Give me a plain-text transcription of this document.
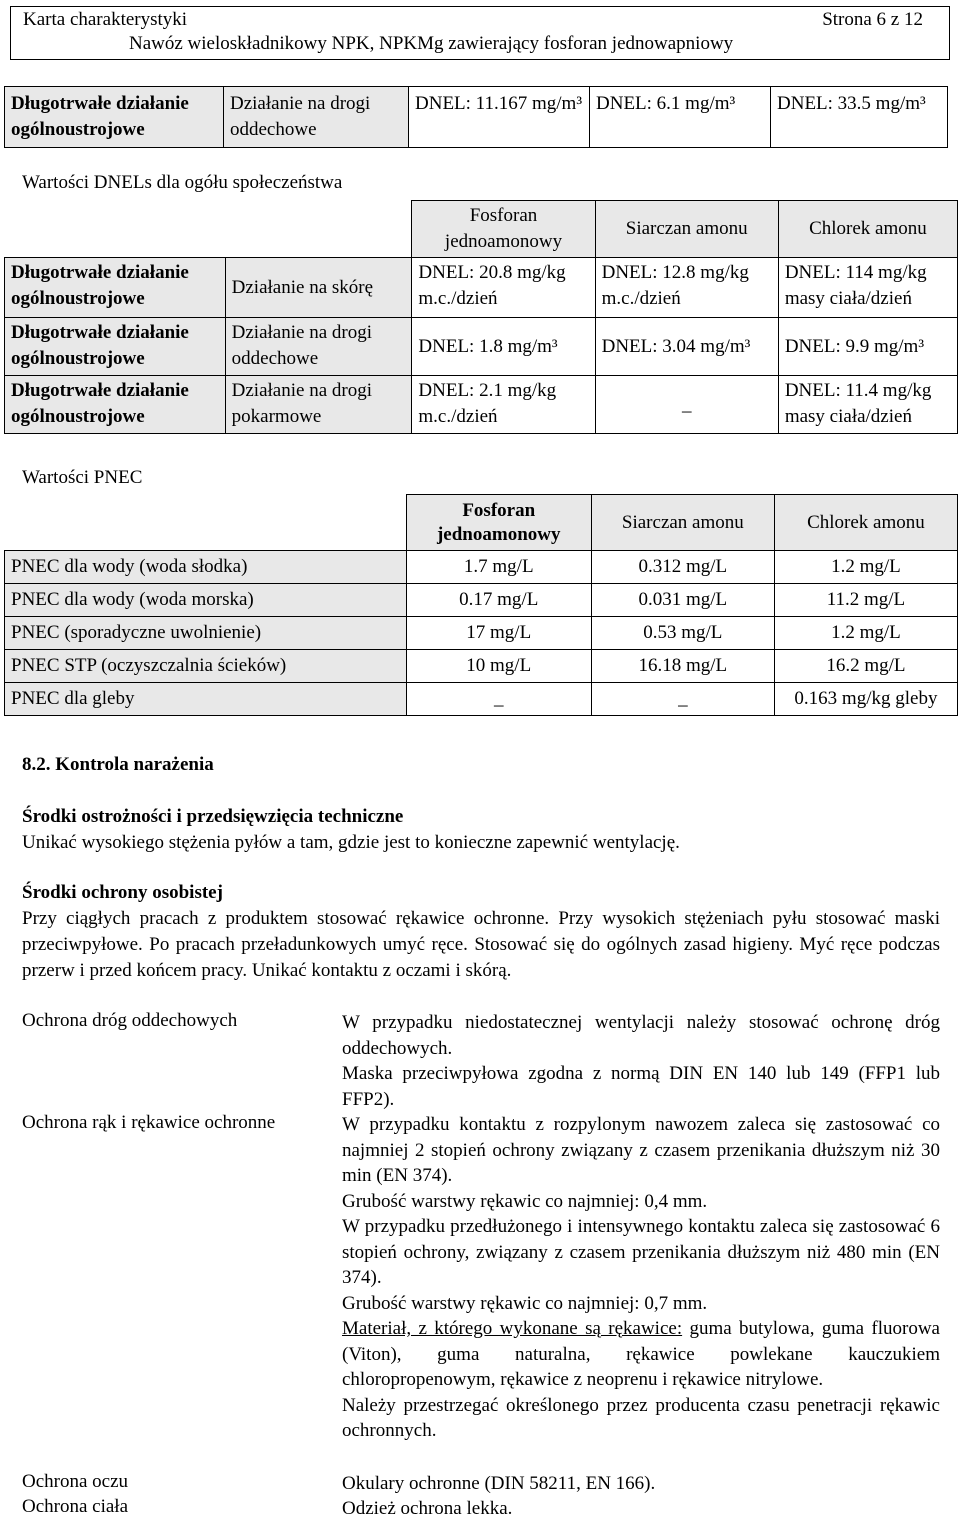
Karta charakterystyki	Strona 6 z 12
Nawóz wieloskładnikowy NPK, NPKMg zawierający fosforan jednowapniowy
Długotrwałe działanie ogólnoustrojowe	Działanie na drogi oddechowe	DNEL: 11.167 mg/m³	DNEL: 6.1 mg/m³	DNEL: 33.5 mg/m³
Wartości DNELs dla ogółu społeczeństwa
		Fosforan jednoamonowy	Siarczan amonu	Chlorek amonu
Długotrwałe działanie ogólnoustrojowe	Działanie na skórę	DNEL: 20.8 mg/kg m.c./dzień	DNEL: 12.8 mg/kg m.c./dzień	DNEL: 114 mg/kg masy ciała/dzień
Długotrwałe działanie ogólnoustrojowe	Działanie na drogi oddechowe	DNEL: 1.8 mg/m³	DNEL: 3.04 mg/m³	DNEL: 9.9 mg/m³
Długotrwałe działanie ogólnoustrojowe	Działanie na drogi pokarmowe	DNEL: 2.1 mg/kg m.c./dzień	_	DNEL: 11.4 mg/kg masy ciała/dzień
Wartości PNEC
	Fosforan jednoamonowy	Siarczan amonu	Chlorek amonu
PNEC dla wody (woda słodka)	1.7 mg/L	0.312 mg/L	1.2 mg/L
PNEC dla wody (woda morska)	0.17 mg/L	0.031 mg/L	11.2 mg/L
PNEC (sporadyczne uwolnienie)	17 mg/L	0.53 mg/L	1.2 mg/L
PNEC STP (oczyszczalnia ścieków)	10 mg/L	16.18 mg/L	16.2 mg/L
PNEC dla gleby	_	_	0.163 mg/kg gleby
8.2. Kontrola narażenia
Środki ostrożności i przedsięwzięcia techniczne
Unikać wysokiego stężenia pyłów a tam, gdzie jest to konieczne zapewnić wentylację.
Środki ochrony osobistej
Przy ciągłych pracach z produktem stosować rękawice ochronne. Przy wysokich stężeniach pyłu stosować maski przeciwpyłowe. Po pracach przeładunkowych umyć ręce. Stosować się do ogólnych zasad higieny. Myć ręce podczas przerw i przed końcem pracy. Unikać kontaktu z oczami i skórą.
Ochrona dróg oddechowych	W przypadku niedostatecznej wentylacji należy stosować ochronę dróg oddechowych.
Maska przeciwpyłowa zgodna z normą DIN EN 140 lub 149 (FFP1 lub FFP2).
Ochrona rąk i rękawice ochronne	W przypadku kontaktu z rozpylonym nawozem zaleca się zastosować co najmniej 2 stopień ochrony związany z czasem przenikania dłuższym niż 30 min (EN 374).
Grubość warstwy rękawic co najmniej: 0,4 mm.
W przypadku przedłużonego i intensywnego kontaktu zaleca się zastosować 6 stopień ochrony, związany z czasem przenikania dłuższym niż 480 min (EN 374).
Grubość warstwy rękawic co najmniej: 0,7 mm.
Materiał, z którego wykonane są rękawice: guma butylowa, guma fluorowa (Viton), guma naturalna, rękawice powlekane kauczukiem chloropropenowym, rękawice z neoprenu i rękawice nitrylowe.
Należy przestrzegać określonego przez producenta czasu penetracji rękawic ochronnych.
Ochrona oczu	Okulary ochronne (DIN 58211, EN 166).
Ochrona ciała	Odzież ochrona lekka.
